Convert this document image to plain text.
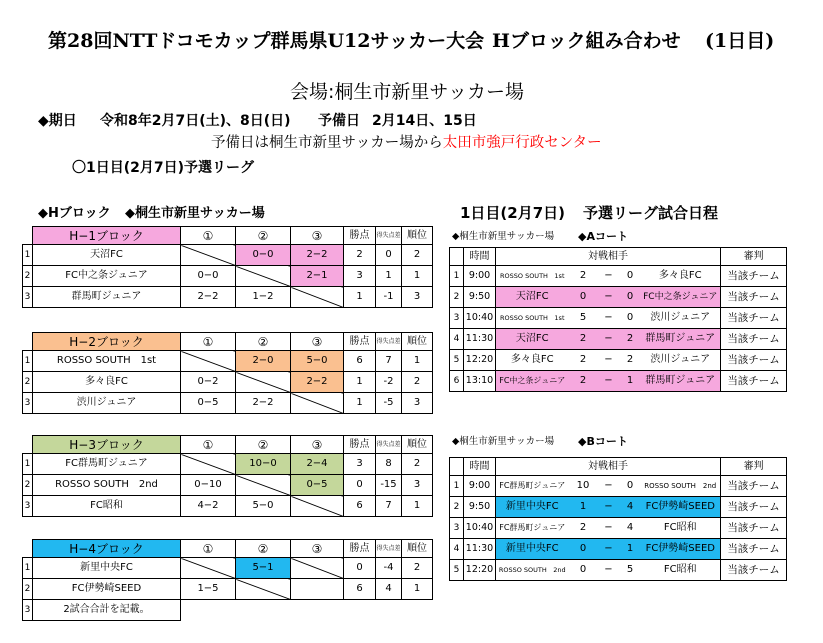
第28回NTTドコモカップ群馬県U12サッカー大会 Hブロック組み合わせ (1日目)
会場:桐生市新里サッカー場
◆期日 令和8年2月7日(土)、8日(日) 予備日 2月14日、15日
予備日は桐生市新里サッカー場から太田市強戸行政センター
〇1日目(2月7日)予選リーグ
◆Hブロック ◆桐生市新里サッカー場	1日目(2月7日) 予選リーグ試合日程
◆桐生市新里サッカー場 ◆Aコート
◆桐生市新里サッカー場 ◆Bコート
	H−1ブロック	①	②	③	勝点	得失点差	順位
1	天沼FC		0−0	2−2	2	0	2
2	FC中之条ジュニア	0−0		2−1	3	1	1
3	群馬町ジュニア	2−2	1−2		1	-1	3
	H−2ブロック	①	②	③	勝点	得失点差	順位
1	ROSSO SOUTH　1st		2−0	5−0	6	7	1
2	多々良FC	0−2		2−2	1	-2	2
3	渋川ジュニア	0−5	2−2		1	-5	3
	H−3ブロック	①	②	③	勝点	得失点差	順位
1	FC群馬町ジュニア		10−0	2−4	3	8	2
2	ROSSO SOUTH　2nd	0−10		0−5	0	-15	3
3	FC昭和	4−2	5−0		6	7	1
	H−4ブロック	①	②	③	勝点	得失点差	順位
1	新里中央FC		5−1		0	-4	2
2	FC伊勢崎SEED	1−5			6	4	1
3	2試合合計を記載。						
	時間	対戦相手					審判
1	9:00	ROSSO SOUTH　1st	2	−	0	多々良FC	当該チーム
2	9:50	天沼FC	0	−	0	FC中之条ジュニア	当該チーム
3	10:40	ROSSO SOUTH　1st	5	−	0	渋川ジュニア	当該チーム
4	11:30	天沼FC	2	−	2	群馬町ジュニア	当該チーム
5	12:20	多々良FC	2	−	2	渋川ジュニア	当該チーム
6	13:10	FC中之条ジュニア	2	−	1	群馬町ジュニア	当該チーム
	時間	対戦相手					審判
1	9:00	FC群馬町ジュニア	10	−	0	ROSSO SOUTH　2nd	当該チーム
2	9:50	新里中央FC	1	−	4	FC伊勢崎SEED	当該チーム
3	10:40	FC群馬町ジュニア	2	−	4	FC昭和	当該チーム
4	11:30	新里中央FC	0	−	1	FC伊勢崎SEED	当該チーム
5	12:20	ROSSO SOUTH　2nd	0	−	5	FC昭和	当該チーム
